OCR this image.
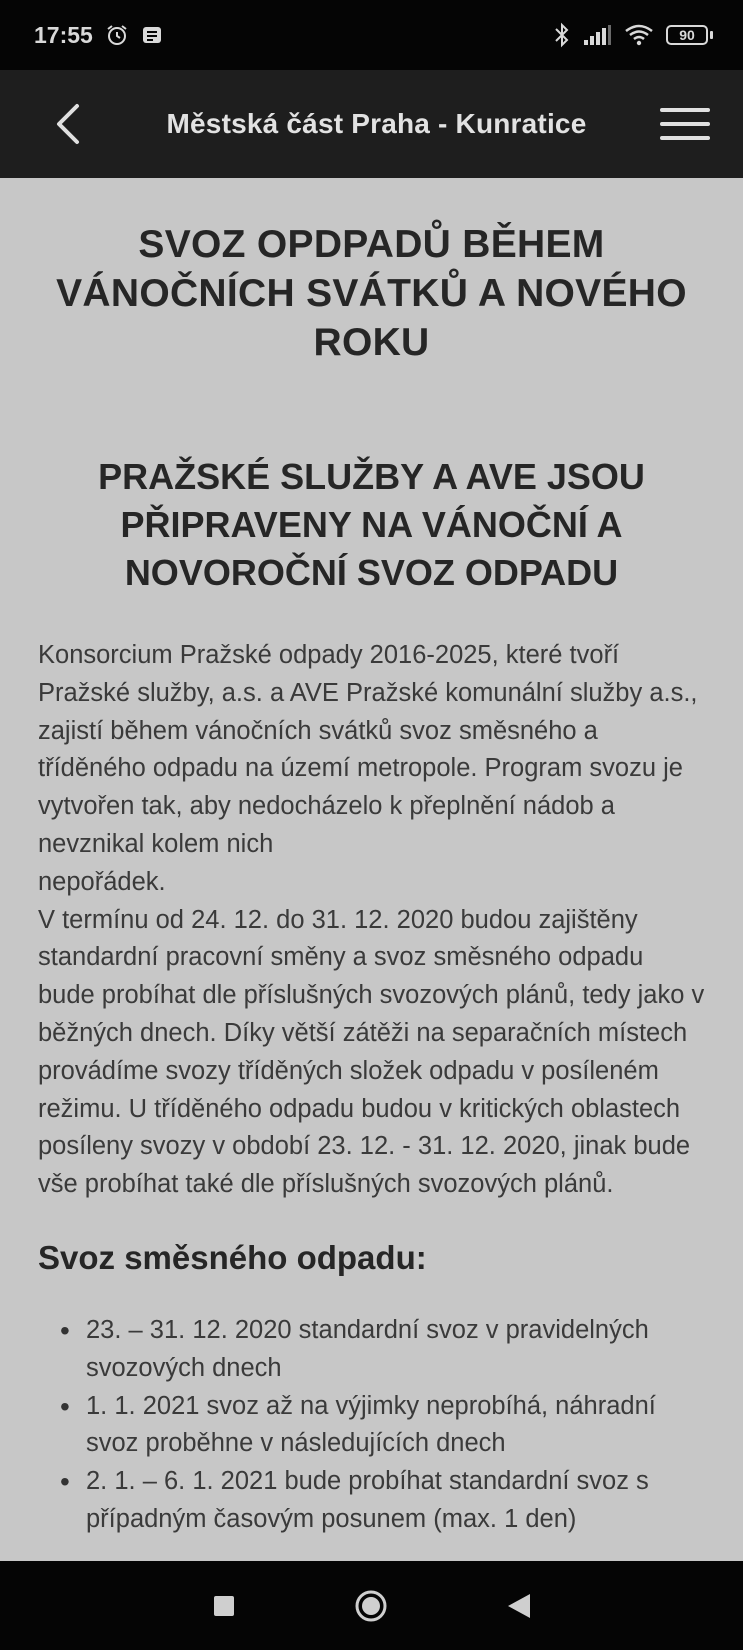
17:55	90
Městská část Praha - Kunratice
SVOZ OPDPADŮ BĚHEM VÁNOČNÍCH SVÁTKŮ A NOVÉHO ROKU
PRAŽSKÉ SLUŽBY A AVE JSOU PŘIPRAVENY NA VÁNOČNÍ A NOVOROČNÍ SVOZ ODPADU

Konsorcium Pražské odpady 2016-2025, které tvoří Pražské služby, a.s. a AVE Pražské komunální služby a.s., zajistí během vánočních svátků svoz směsného a tříděného odpadu na území metropole. Program svozu je vytvořen tak, aby nedocházelo k přeplnění nádob a nevznikal kolem nich

nepořádek.

V termínu od 24. 12. do 31. 12. 2020 budou zajištěny standardní pracovní směny a svoz směsného odpadu bude probíhat dle příslušných svozových plánů, tedy jako v běžných dnech. Díky větší zátěži na separačních místech provádíme svozy tříděných složek odpadu v posíleném režimu. U tříděného odpadu budou v kritických oblastech posíleny svozy v období 23. 12. - 31. 12. 2020, jinak bude vše probíhat také dle příslušných svozových plánů.

Svoz směsného odpadu:
• 23. – 31. 12. 2020 standardní svoz v pravidelných svozových dnech
• 1. 1. 2021 svoz až na výjimky neprobíhá, náhradní svoz proběhne v následujících dnech
• 2. 1. – 6. 1. 2021 bude probíhat standardní svoz s případným časovým posunem (max. 1 den)
